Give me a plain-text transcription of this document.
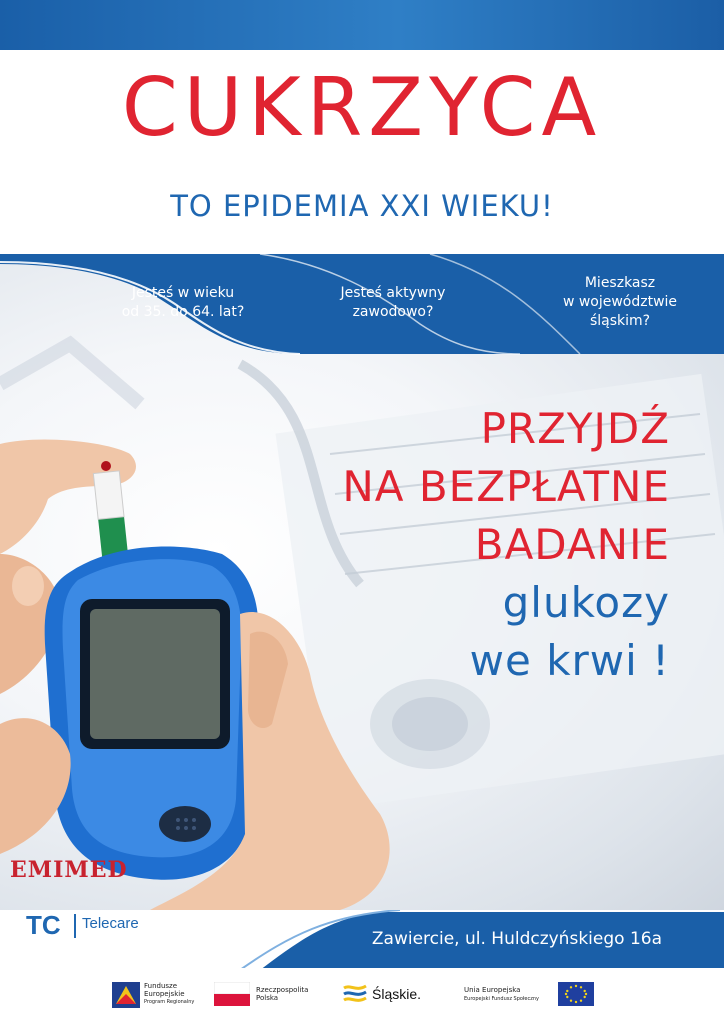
CUKRZYCA
TO EPIDEMIA XXI WIEKU!
Jesteś w wieku
od 35. do 64. lat?
Jesteś aktywny
zawodowo?
Mieszkasz
w województwie
śląskim?
PRZYJDŹ
NA BEZPŁATNE
BADANIE
glukozy
we krwi !
Zawiercie, ul. Huldczyńskiego 16a
EMIMED
TC Telecare
Fundusze
Europejskie
Program Regionalny
Rzeczpospolita
Polska	Śląskie.	Unia Europejska
Europejski Fundusz Społeczny
